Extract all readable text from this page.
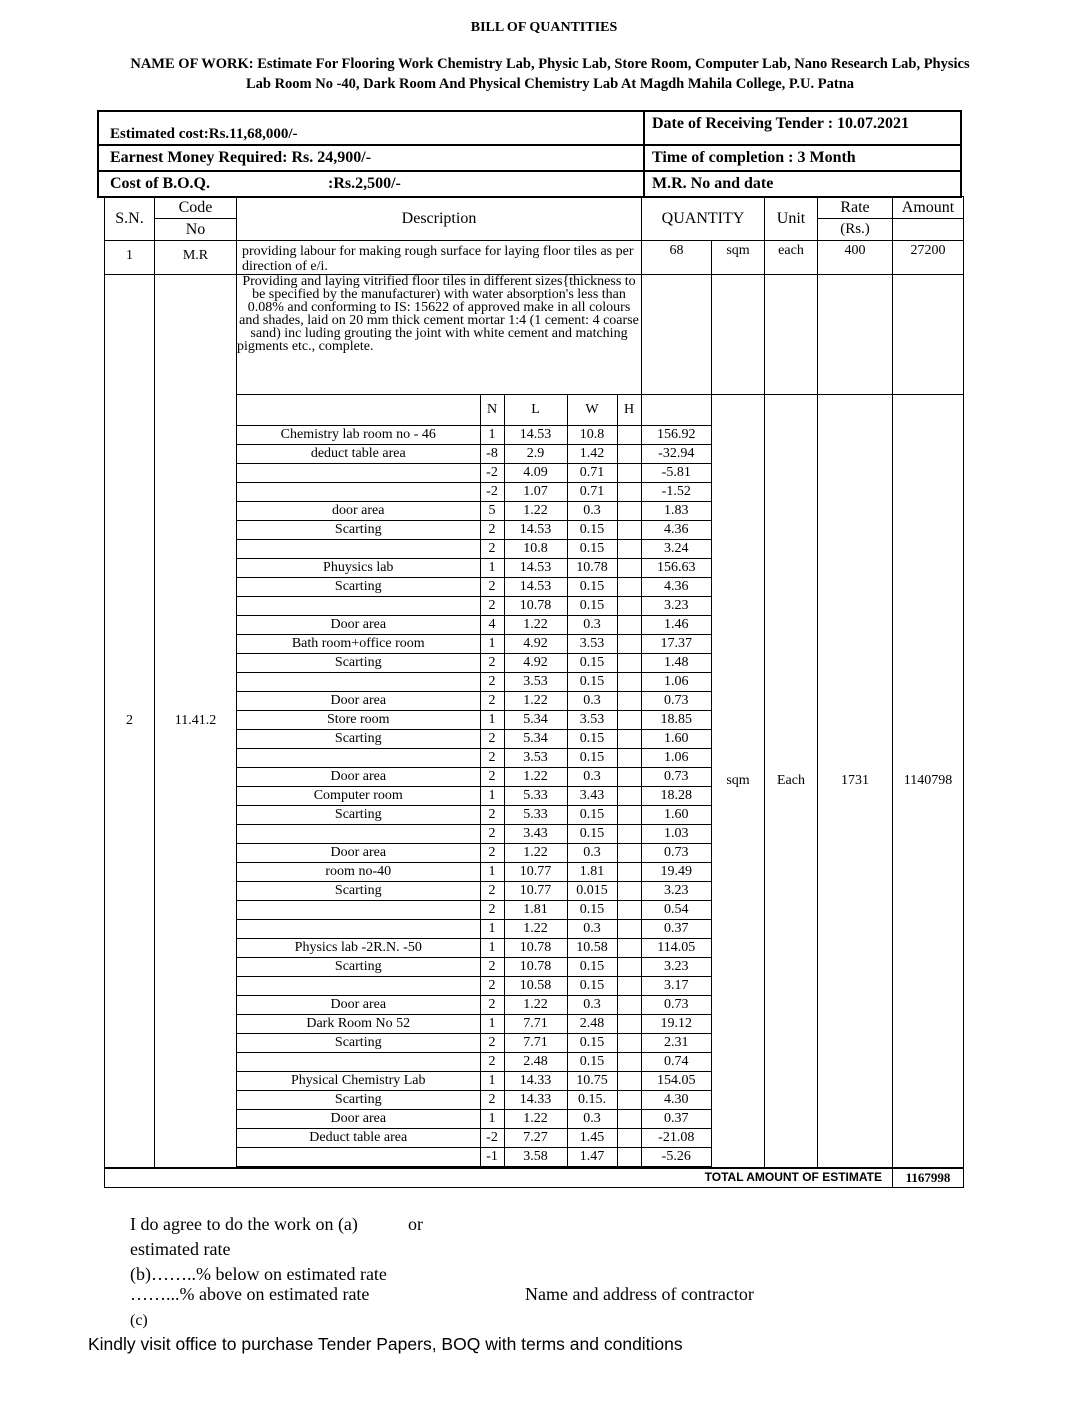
BILL OF QUANTITIES
NAME OF WORK: Estimate For Flooring Work Chemistry Lab, Physic Lab, Store Room, Computer Lab, Nano Research Lab, Physics
Lab Room No -40, Dark Room And Physical Chemistry Lab At Magdh Mahila College, P.U. Patna
Estimated cost:Rs.11,68,000/-
Date of Receiving Tender : 10.07.2021
Earnest Money Required: Rs. 24,900/-	Time of completion : 3 Month
Cost of B.O.Q.	:Rs.2,500/-	M.R. No and date
S.N.	Code	Description	QUANTITY	Unit	Rate	Amount
No	(Rs.)	
1	M.R	providing labour for making rough surface for laying floor tiles as per direction of e/i.	68	sqm	each	400	27200
2	11.41.2	Providing and laying vitrified floor tiles in different sizes{thickness to be specified by the manufacturer) with water absorption's less than 0.08% and conforming to IS: 15622 of approved make in all colours and shades, laid on 20 mm thick cement mortar 1:4 (1 cement: 4 coarse sand) inc luding grouting the joint with white cement and matching pigments etc., complete.					

	N	L	W	H	
Chemistry lab room no - 46	1	14.53	10.8		156.92
deduct table area	-8	2.9	1.42		-32.94
	-2	4.09	0.71		-5.81
	-2	1.07	0.71		-1.52
door area	5	1.22	0.3		1.83
Scarting	2	14.53	0.15		4.36
	2	10.8	0.15		3.24
Phuysics lab	1	14.53	10.78		156.63
Scarting	2	14.53	0.15		4.36
	2	10.78	0.15		3.23
Door area	4	1.22	0.3		1.46
Bath room+office room	1	4.92	3.53		17.37
Scarting	2	4.92	0.15		1.48
	2	3.53	0.15		1.06
Door area	2	1.22	0.3		0.73
Store room	1	5.34	3.53		18.85
Scarting	2	5.34	0.15		1.60
	2	3.53	0.15		1.06
Door area	2	1.22	0.3		0.73
Computer room	1	5.33	3.43		18.28
Scarting	2	5.33	0.15		1.60
	2	3.43	0.15		1.03
Door area	2	1.22	0.3		0.73
room no-40	1	10.77	1.81		19.49
Scarting	2	10.77	0.015		3.23
	2	1.81	0.15		0.54
	1	1.22	0.3		0.37
Physics lab -2R.N. -50	1	10.78	10.58		114.05
Scarting	2	10.78	0.15		3.23
	2	10.58	0.15		3.17
Door area	2	1.22	0.3		0.73
Dark Room No 52	1	7.71	2.48		19.12
Scarting	2	7.71	0.15		2.31
	2	2.48	0.15		0.74
Physical Chemistry Lab	1	14.33	10.75		154.05
Scarting	2	14.33	0.15.		4.30
Door area	1	1.22	0.3		0.37
Deduct table area	-2	7.27	1.45		-21.08
	-1	3.58	1.47		-5.26
	sqm	Each	1731	1140798
TOTAL AMOUNT OF ESTIMATE	1167998
I do agree to do the work on (a)	or
estimated rate
(b)……..% below on estimated rate
……...% above on estimated rate	Name and address of contractor
(c)
Kindly visit office to purchase Tender Papers, BOQ with terms and conditions
